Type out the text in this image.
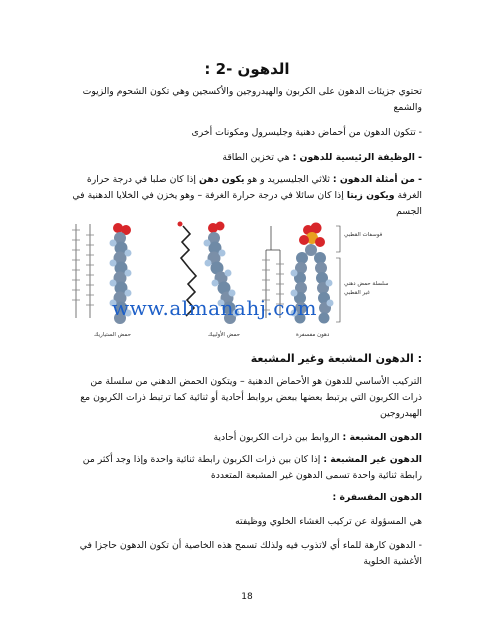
: الدهون -2

تحتوي جزيئات الدهون على الكربون والهيدروجين والأكسجين وهي تكون الشحوم والزيوت والشمع

- تتكون الدهون من أحماض دهنية وجليسرول ومكونات أخرى

- الوظيفة الرئيسية للدهون : هي تخزين الطاقة

- من أمثلة الدهون : ثلاثي الجليسيريد و هو يكون دهن إذا كان صلبا في درجة حرارة الغرفة ويكون زيتا إذا كان سائلا في درجة حرارة الغرفة – وهو يخزن في الخلايا الدهنية في الجسم

فوسفات القطبي
سلسلة حمض دهني
غير القطبي
حمض الستياريك	حمض الأولييك	دهون مفسفرة
www.almanahj.com
: الدهون المشبعة وغير المشبعة

التركيب الأساسي للدهون هو الأحماض الدهنية – ويتكون الحمض الدهني من سلسلة من ذرات الكربون التي يرتبط بعضها ببعض بروابط أحادية أو ثنائية كما ترتبط ذرات الكربون مع الهيدروجين

الدهون المشبعة : الروابط بين ذرات الكربون أحادية

الدهون غير المشبعة : إذا كان بين ذرات الكربون رابطة ثنائية واحدة وإذا وجد أكثر من رابطة ثنائية واحدة تسمى الدهون غير المشبعة المتعددة

الدهون المفسفرة :

هي المسؤولة عن تركيب الغشاء الخلوي ووظيفته

- الدهون كارهة للماء أي لاتذوب فيه ولذلك تسمح هذه الخاصية أن تكون الدهون حاجزا في الأغشية الخلوية

18
